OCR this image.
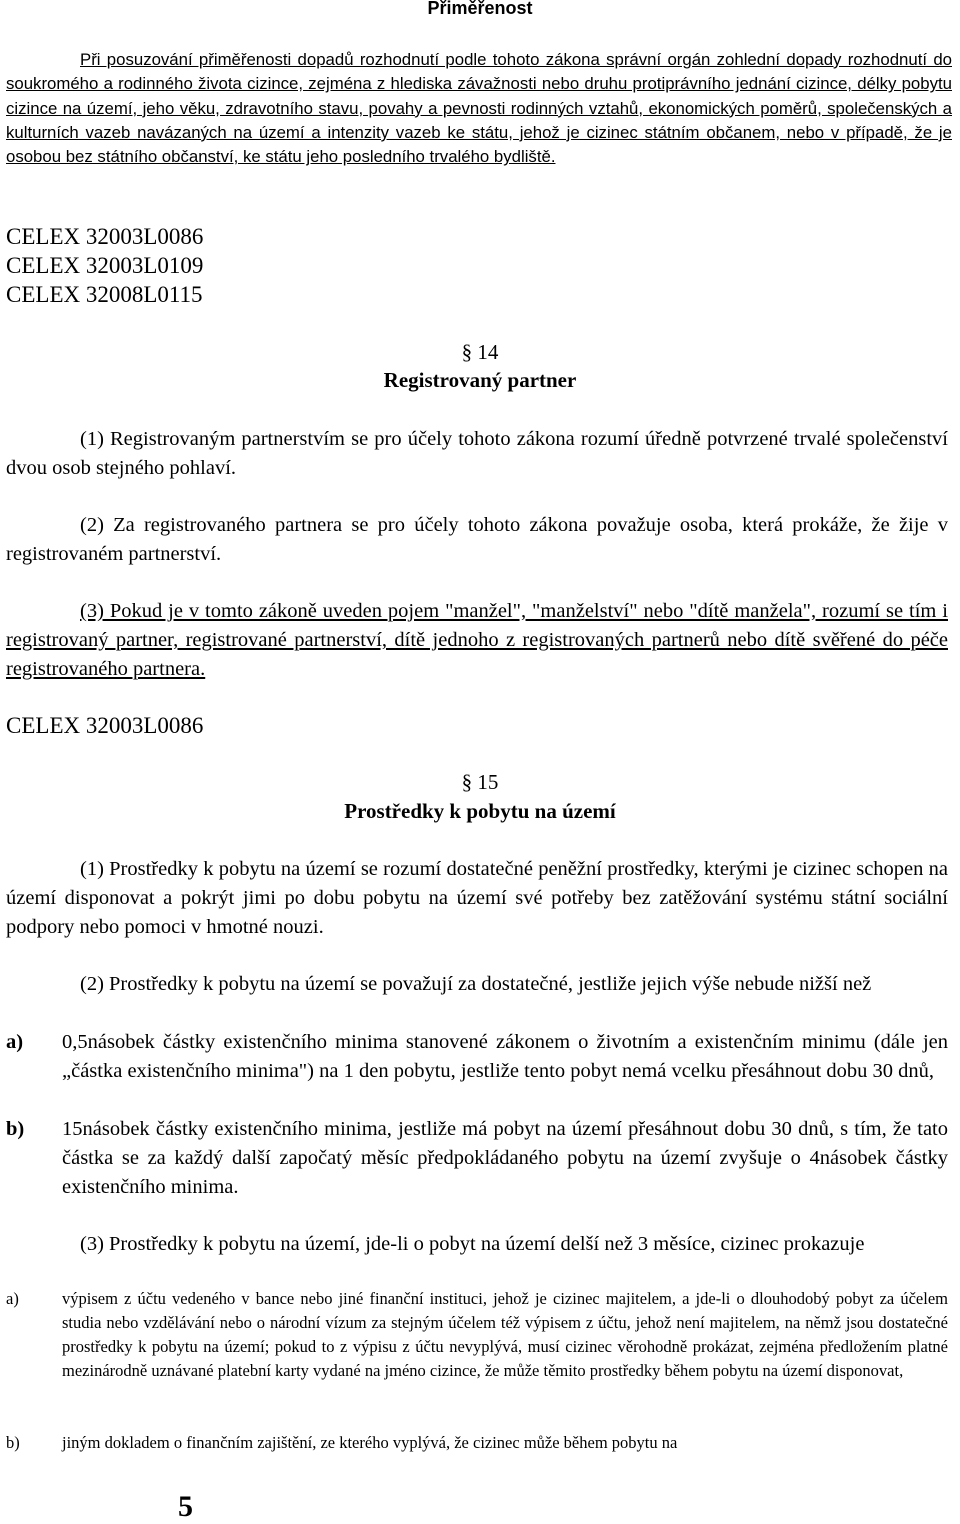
Přiměřenost
Při posuzování přiměřenosti dopadů rozhodnutí podle tohoto zákona správní orgán zohlední dopady rozhodnutí do soukromého a rodinného života cizince, zejména z hlediska závažnosti nebo druhu protiprávního jednání cizince, délky pobytu cizince na území, jeho věku, zdravotního stavu, povahy a pevnosti rodinných vztahů, ekonomických poměrů, společenských a kulturních vazeb navázaných na území a intenzity vazeb ke státu, jehož je cizinec státním občanem, nebo v případě, že je osobou bez státního občanství, ke státu jeho posledního trvalého bydliště.
CELEX 32003L0086
CELEX 32003L0109
CELEX 32008L0115
§ 14
Registrovaný partner
(1) Registrovaným partnerstvím se pro účely tohoto zákona rozumí úředně potvrzené trvalé společenství dvou osob stejného pohlaví.
(2) Za registrovaného partnera se pro účely tohoto zákona považuje osoba, která prokáže, že žije v registrovaném partnerství.
(3) Pokud je v tomto zákoně uveden pojem "manžel", "manželství" nebo "dítě manžela", rozumí se tím i registrovaný partner, registrované partnerství, dítě jednoho z registrovaných partnerů nebo dítě svěřené do péče registrovaného partnera.
CELEX 32003L0086
§ 15
Prostředky k pobytu na území
(1) Prostředky k pobytu na území se rozumí dostatečné peněžní prostředky, kterými je cizinec schopen na území disponovat a pokrýt jimi po dobu pobytu na území své potřeby bez zatěžování systému státní sociální podpory nebo pomoci v hmotné nouzi.
(2) Prostředky k pobytu na území se považují za dostatečné, jestliže jejich výše nebude nižší než
a) 0,5násobek částky existenčního minima stanovené zákonem o životním a existenčním minimu (dále jen „částka existenčního minima") na 1 den pobytu, jestliže tento pobyt nemá vcelku přesáhnout dobu 30 dnů,
b) 15násobek částky existenčního minima, jestliže má pobyt na území přesáhnout dobu 30 dnů, s tím, že tato částka se za každý další započatý měsíc předpokládaného pobytu na území zvyšuje o 4násobek částky existenčního minima.
(3) Prostředky k pobytu na území, jde-li o pobyt na území delší než 3 měsíce, cizinec prokazuje
a)	výpisem z účtu vedeného v bance nebo jiné finanční instituci, jehož je cizinec majitelem, a jde-li o dlouhodobý pobyt za účelem studia nebo vzdělávání nebo o národní vízum za stejným účelem též výpisem z účtu, jehož není majitelem, na němž jsou dostatečné prostředky k pobytu na území; pokud to z výpisu z účtu nevyplývá, musí cizinec věrohodně prokázat, zejména předložením platné mezinárodně uznávané platební karty vydané na jméno cizince, že může těmito prostředky během pobytu na území disponovat,
b)	jiným dokladem o finančním zajištění, ze kterého vyplývá, že cizinec může během pobytu na
5
